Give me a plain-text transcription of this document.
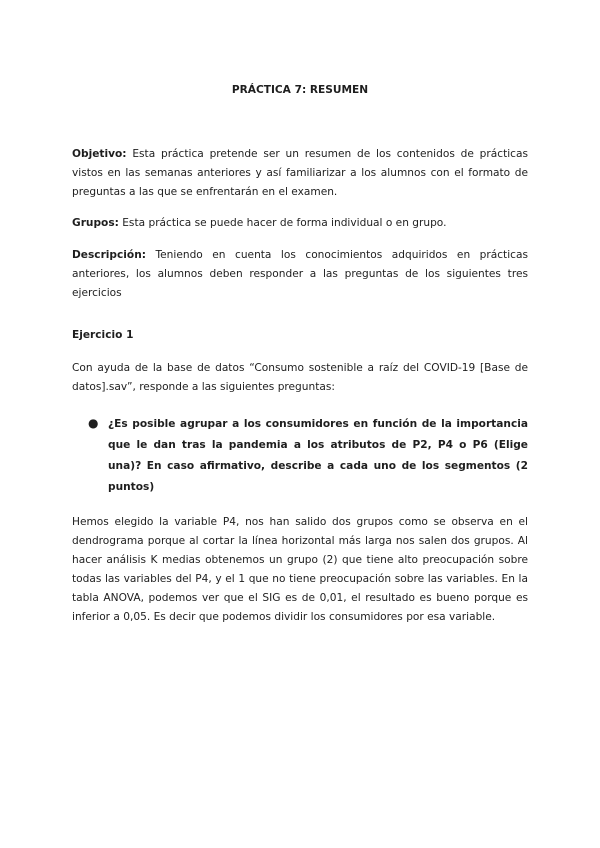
PRÁCTICA 7: RESUMEN

Objetivo: Esta práctica pretende ser un resumen de los contenidos de prácticas vistos en las semanas anteriores y así familiarizar a los alumnos con el formato de preguntas a las que se enfrentarán en el examen.

Grupos: Esta práctica se puede hacer de forma individual o en grupo.

Descripción: Teniendo en cuenta los conocimientos adquiridos en prácticas anteriores, los alumnos deben responder a las preguntas de los siguientes tres ejercicios

Ejercicio 1

Con ayuda de la base de datos “Consumo sostenible a raíz del COVID-19 [Base de datos].sav”, responde a las siguientes preguntas:

● ¿Es posible agrupar a los consumidores en función de la importancia que le dan tras la pandemia a los atributos de P2, P4 o P6 (Elige una)? En caso afirmativo, describe a cada uno de los segmentos (2 puntos)

Hemos elegido la variable P4, nos han salido dos grupos como se observa en el dendrograma porque al cortar la línea horizontal más larga nos salen dos grupos. Al hacer análisis K medias obtenemos un grupo (2) que tiene alto preocupación sobre todas las variables del P4, y el 1 que no tiene preocupación sobre las variables. En la tabla ANOVA, podemos ver que el SIG es de 0,01, el resultado es bueno porque es inferior a 0,05. Es decir que podemos dividir los consumidores por esa variable.
